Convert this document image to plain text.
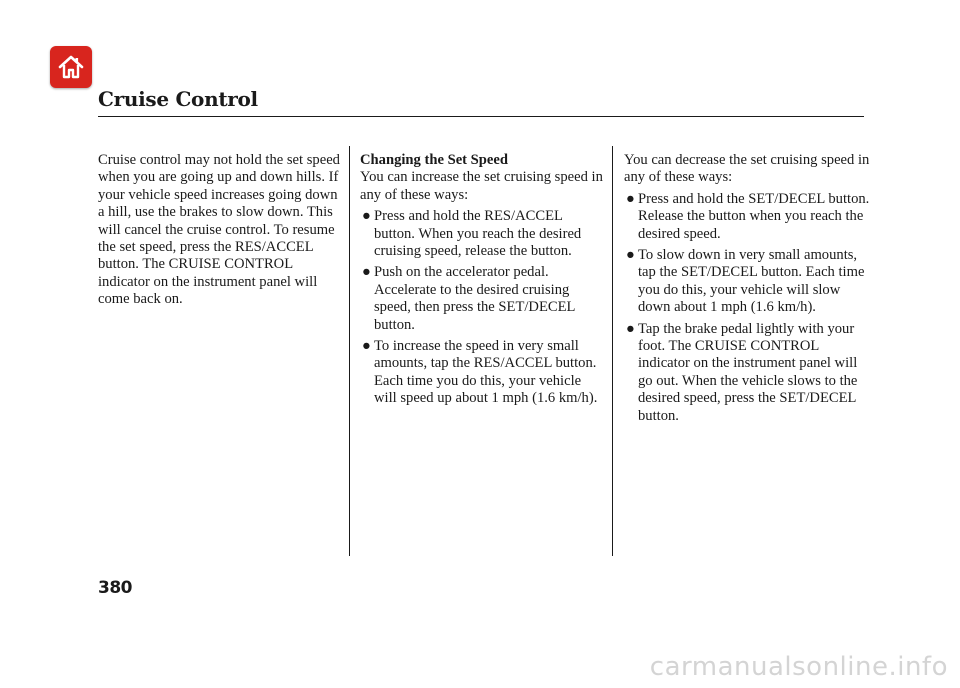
Cruise Control

Cruise control may not hold the set speed when you are going up and down hills. If your vehicle speed increases going down a hill, use the brakes to slow down. This will cancel the cruise control. To resume the set speed, press the RES/ACCEL button. The CRUISE CONTROL indicator on the instrument panel will come back on.

Changing the Set Speed

You can increase the set cruising speed in any of these ways:

● Press and hold the RES/ACCEL button. When you reach the desired cruising speed, release the button.
● Push on the accelerator pedal. Accelerate to the desired cruising speed, then press the SET/DECEL button.
● To increase the speed in very small amounts, tap the RES/ACCEL button. Each time you do this, your vehicle will speed up about 1 mph (1.6 km/h).

You can decrease the set cruising speed in any of these ways:

● Press and hold the SET/DECEL button. Release the button when you reach the desired speed.
● To slow down in very small amounts, tap the SET/DECEL button. Each time you do this, your vehicle will slow down about 1 mph (1.6 km/h).
● Tap the brake pedal lightly with your foot. The CRUISE CONTROL indicator on the instrument panel will go out. When the vehicle slows to the desired speed, press the SET/DECEL button.
380
carmanualsonline.info
